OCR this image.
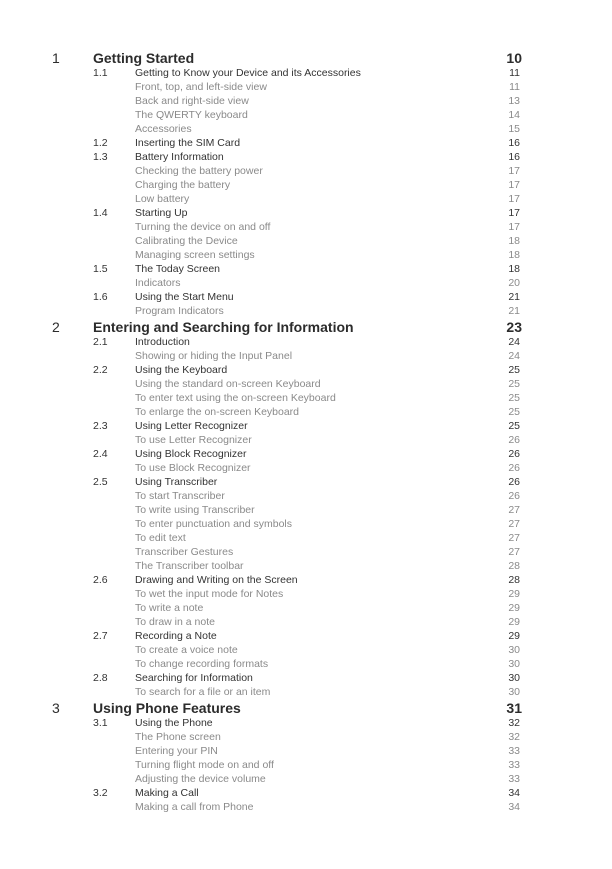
1 Getting Started	10
1.1	Getting to Know your Device and its Accessories	11
Front, top, and left-side view	11
Back and right-side view	13
The QWERTY keyboard	14
Accessories	15
1.2	Inserting the SIM Card	16
1.3	Battery Information	16
Checking the battery power	17
Charging the battery	17
Low battery	17
1.4	Starting Up	17
Turning the device on and off	17
Calibrating the Device	18
Managing screen settings	18
1.5	The Today Screen	18
Indicators	20
1.6	Using the Start Menu	21
Program Indicators	21
2 Entering and Searching for Information	23
2.1	Introduction	24
Showing or hiding the Input Panel	24
2.2	Using the Keyboard	25
Using the standard on-screen Keyboard	25
To enter text using the on-screen Keyboard	25
To enlarge the on-screen Keyboard	25
2.3	Using Letter Recognizer	25
To use Letter Recognizer	26
2.4	Using Block Recognizer	26
To use Block Recognizer	26
2.5	Using Transcriber	26
To start Transcriber	26
To write using Transcriber	27
To enter punctuation and symbols	27
To edit text	27
Transcriber Gestures	27
The Transcriber toolbar	28
2.6	Drawing and Writing on the Screen	28
To wet the input mode for Notes	29
To write a note	29
To draw in a note	29
2.7	Recording a Note	29
To create a voice note	30
To change recording formats	30
2.8	Searching for Information	30
To search for a file or an item	30
3 Using Phone Features	31
3.1	Using the Phone	32
The Phone screen	32
Entering your PIN	33
Turning flight mode on and off	33
Adjusting the device volume	33
3.2	Making a Call	34
Making a call from Phone	34
